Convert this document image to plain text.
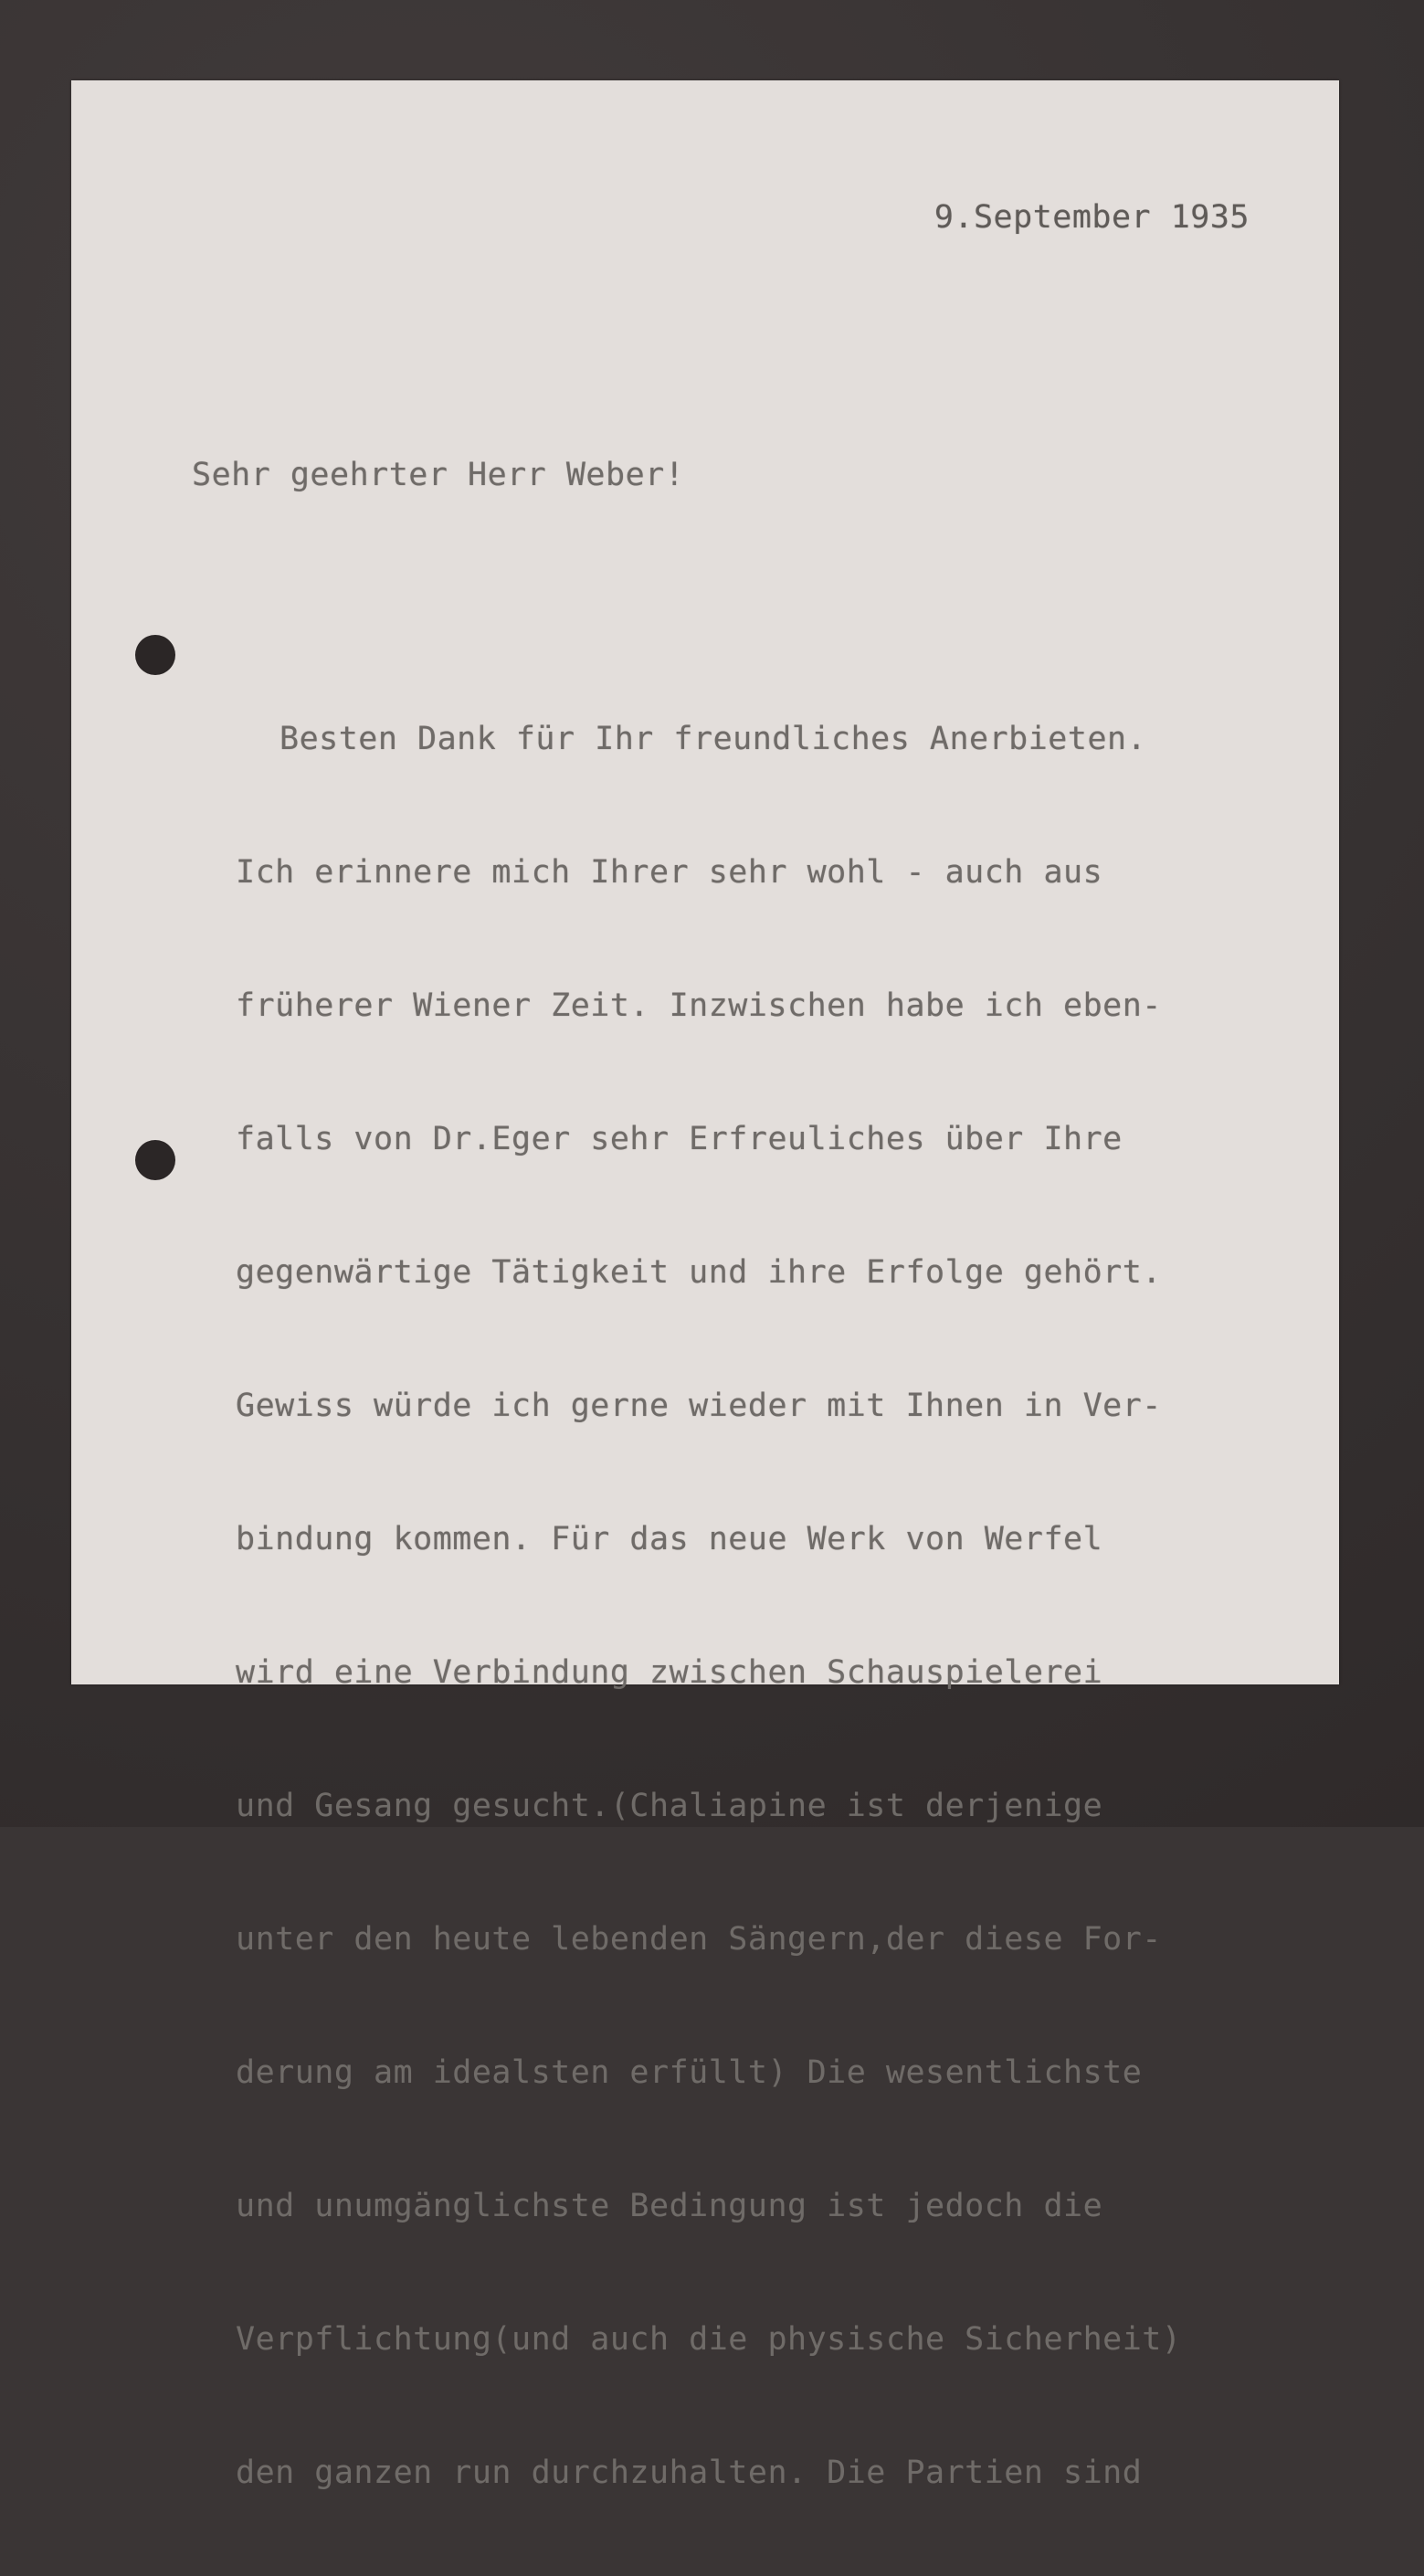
9.September 1935
Sehr geehrter Herr Weber!

Besten Dank für Ihr freundliches Anerbieten.

Ich erinnere mich Ihrer sehr wohl - auch aus

früherer Wiener Zeit. Inzwischen habe ich eben-

falls von Dr.Eger sehr Erfreuliches über Ihre

gegenwärtige Tätigkeit und ihre Erfolge gehört.

Gewiss würde ich gerne wieder mit Ihnen in Ver-

bindung kommen. Für das neue Werk von Werfel

wird eine Verbindung zwischen Schauspielerei

und Gesang gesucht.(Chaliapine ist derjenige

unter den heute lebenden Sängern,der diese For-

derung am idealsten erfüllt) Die wesentlichste

und unumgänglichste Bedingung ist jedoch die

Verpflichtung(und auch die physische Sicherheit)

den ganzen run durchzuhalten. Die Partien sind
